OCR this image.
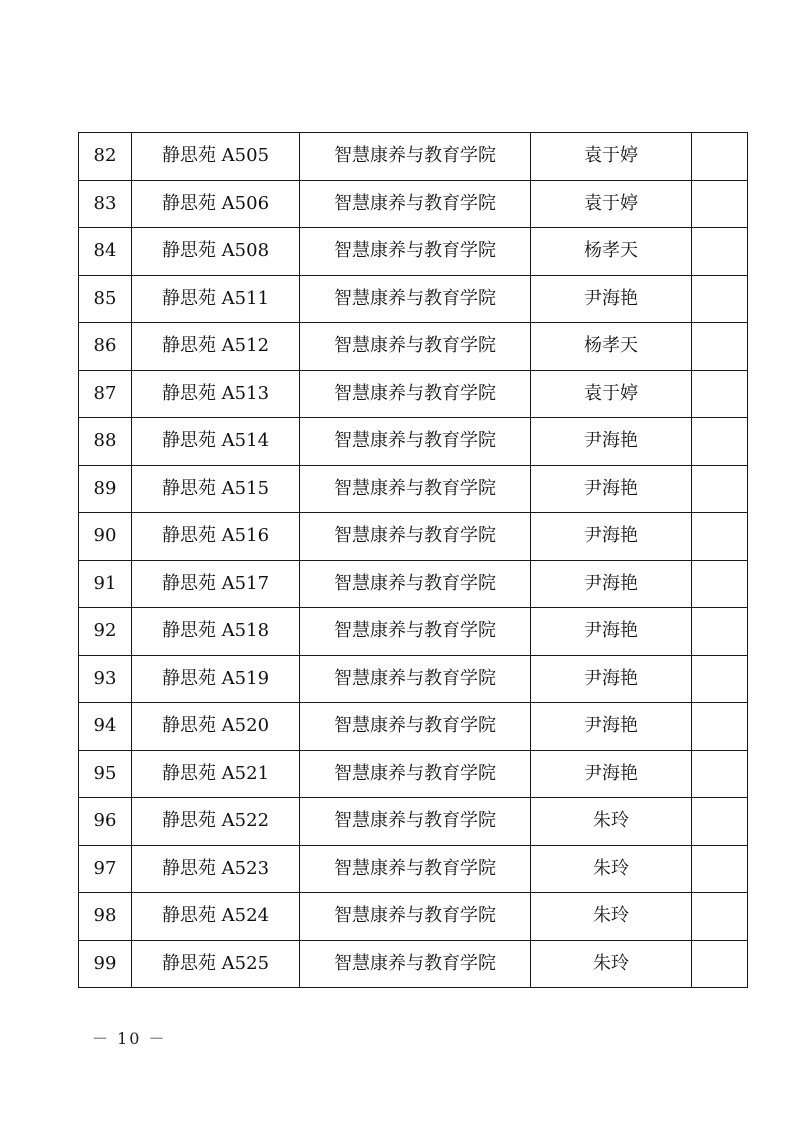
82	静思苑 A505	智慧康养与教育学院	袁于婷	
83	静思苑 A506	智慧康养与教育学院	袁于婷	
84	静思苑 A508	智慧康养与教育学院	杨孝天	
85	静思苑 A511	智慧康养与教育学院	尹海艳	
86	静思苑 A512	智慧康养与教育学院	杨孝天	
87	静思苑 A513	智慧康养与教育学院	袁于婷	
88	静思苑 A514	智慧康养与教育学院	尹海艳	
89	静思苑 A515	智慧康养与教育学院	尹海艳	
90	静思苑 A516	智慧康养与教育学院	尹海艳	
91	静思苑 A517	智慧康养与教育学院	尹海艳	
92	静思苑 A518	智慧康养与教育学院	尹海艳	
93	静思苑 A519	智慧康养与教育学院	尹海艳	
94	静思苑 A520	智慧康养与教育学院	尹海艳	
95	静思苑 A521	智慧康养与教育学院	尹海艳	
96	静思苑 A522	智慧康养与教育学院	朱玲	
97	静思苑 A523	智慧康养与教育学院	朱玲	
98	静思苑 A524	智慧康养与教育学院	朱玲	
99	静思苑 A525	智慧康养与教育学院	朱玲	
－ 10 －
